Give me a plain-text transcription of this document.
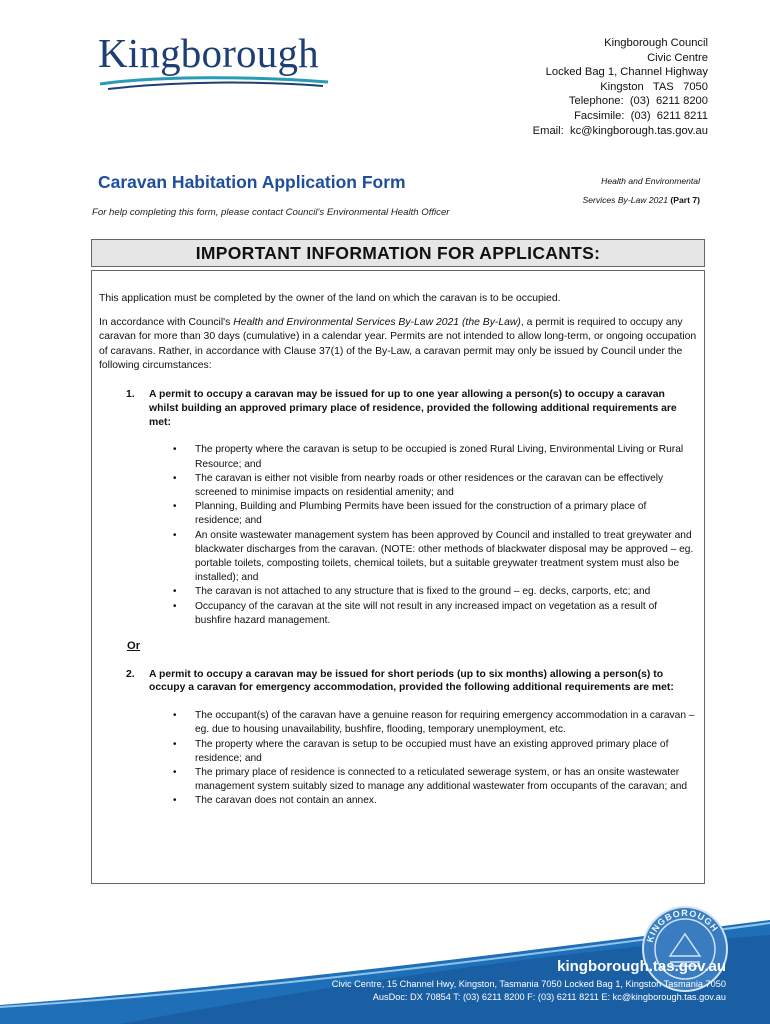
Kingborough	Kingborough Council
Civic Centre
Locked Bag 1, Channel Highway
Kingston   TAS   7050
Telephone:  (03)  6211 8200
Facsimile:  (03)  6211 8211
Email:  kc@kingborough.tas.gov.au
Caravan Habitation Application Form	Health and Environmental
Services By-Law 2021 (Part 7)
For help completing this form, please contact Council's Environmental Health Officer
IMPORTANT INFORMATION FOR APPLICANTS:

This application must be completed by the owner of the land on which the caravan is to be occupied.

In accordance with Council's Health and Environmental Services By-Law 2021 (the By-Law), a permit is required to occupy any caravan for more than 30 days (cumulative) in a calendar year. Permits are not intended to allow long-term, or ongoing occupation of caravans. Rather, in accordance with Clause 37(1) of the By-Law, a caravan permit may only be issued by Council under the following circumstances:

1.	A permit to occupy a caravan may be issued for up to one year allowing a person(s) to occupy a caravan whilst building an approved primary place of residence, provided the following additional requirements are met:
• The property where the caravan is setup to be occupied is zoned Rural Living, Environmental Living or Rural Resource; and
• The caravan is either not visible from nearby roads or other residences or the caravan can be effectively screened to minimise impacts on residential amenity; and
• Planning, Building and Plumbing Permits have been issued for the construction of a primary place of residence; and
• An onsite wastewater management system has been approved by Council and installed to treat greywater and blackwater discharges from the caravan. (NOTE: other methods of blackwater disposal may be approved – eg. portable toilets, composting toilets, chemical toilets, but a suitable greywater treatment system must also be installed); and
• The caravan is not attached to any structure that is fixed to the ground – eg. decks, carports, etc; and
• Occupancy of the caravan at the site will not result in any increased impact on vegetation as a result of bushfire hazard management.
Or
2.	A permit to occupy a caravan may be issued for short periods (up to six months) allowing a person(s) to occupy a caravan for emergency accommodation, provided the following additional requirements are met:
• The occupant(s) of the caravan have a genuine reason for requiring emergency accommodation in a caravan – eg. due to housing unavailability, bushfire, flooding, temporary unemployment, etc.
• The property where the caravan is setup to be occupied must have an existing approved primary place of residence; and
• The primary place of residence is connected to a reticulated sewerage system, or has an onsite wastewater management system suitably sized to manage any additional wastewater from occupants of the caravan; and
• The caravan does not contain an annex.
KINGBOROUGH
kingborough.tas.gov.au
Civic Centre, 15 Channel Hwy, Kingston, Tasmania 7050 Locked Bag 1, Kingston Tasmania 7050
AusDoc: DX 70854 T: (03) 6211 8200 F: (03) 6211 8211 E: kc@kingborough.tas.gov.au
